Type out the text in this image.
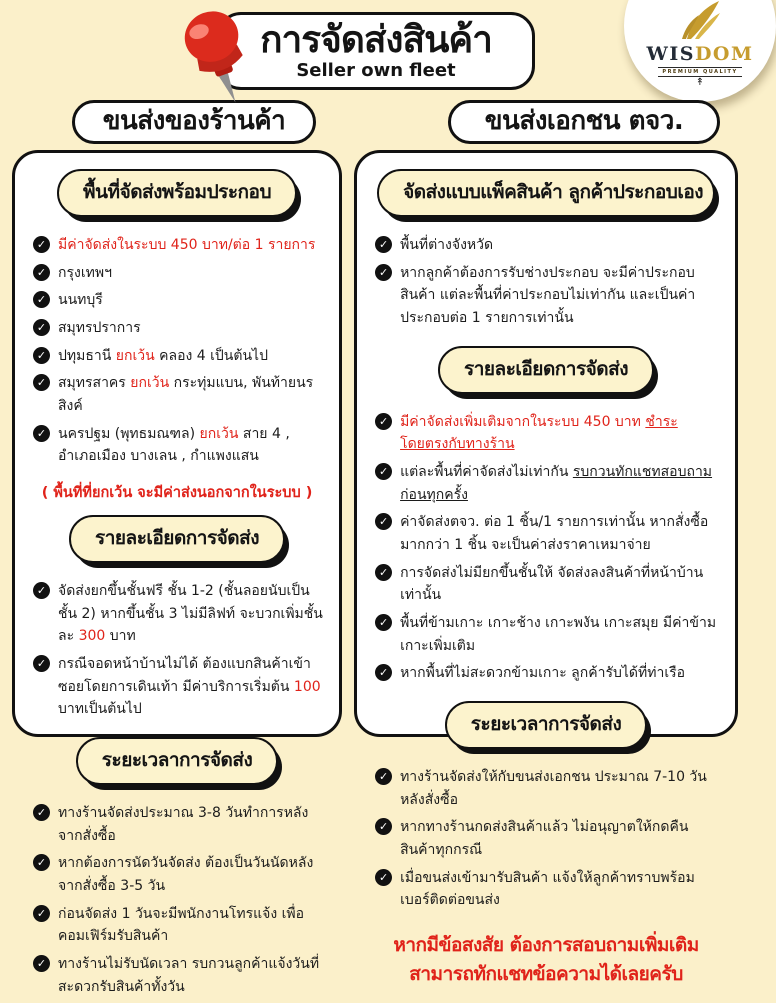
การจัดส่งสินค้า
Seller own fleet
WISDOM
PREMIUM QUALITY
↟
ขนส่งของร้านค้า	ขนส่งเอกชน ตจว.
พื้นที่จัดส่งพร้อมประกอบ
✓ มีค่าจัดส่งในระบบ 450 บาท/ต่อ 1 รายการ
✓ กรุงเทพฯ
✓ นนทบุรี
✓ สมุทรปราการ
✓ ปทุมธานี ยกเว้น คลอง 4 เป็นต้นไป
✓ สมุทรสาคร ยกเว้น กระทุ่มแบน, พันท้ายนรสิงค์
✓ นครปฐม (พุทธมณฑล) ยกเว้น สาย 4 , อำเภอเมือง บางเลน , กำแพงแสน

( พื้นที่ที่ยกเว้น จะมีค่าส่งนอกจากในระบบ )

รายละเอียดการจัดส่ง
✓ จัดส่งยกขึ้นชั้นฟรี ชั้น 1-2 (ชั้นลอยนับเป็นชั้น 2) หากขึ้นชั้น 3 ไม่มีลิฟท์ จะบวกเพิ่มชั้นละ 300 บาท
✓ กรณีจอดหน้าบ้านไม่ได้ ต้องแบกสินค้าเข้าซอยโดยการเดินเท้า มีค่าบริการเริ่มต้น 100 บาทเป็นต้นไป
ระยะเวลาการจัดส่ง
✓ ทางร้านจัดส่งประมาณ 3-8 วันทำการหลังจากสั่งซื้อ
✓ หากต้องการนัดวันจัดส่ง ต้องเป็นวันนัดหลังจากสั่งซื้อ 3-5 วัน
✓ ก่อนจัดส่ง 1 วันจะมีพนักงานโทรแจ้ง เพื่อคอมเฟิร์มรับสินค้า
✓ ทางร้านไม่รับนัดเวลา รบกวนลูกค้าแจ้งวันที่สะดวกรับสินค้าทั้งวัน
จัดส่งแบบแพ็คสินค้า ลูกค้าประกอบเอง
✓ พื้นที่ต่างจังหวัด
✓ หากลูกค้าต้องการรับช่างประกอบ จะมีค่าประกอบสินค้า แต่ละพื้นที่ค่าประกอบไม่เท่ากัน และเป็นค่าประกอบต่อ 1 รายการเท่านั้น
รายละเอียดการจัดส่ง
✓ มีค่าจัดส่งเพิ่มเติมจากในระบบ 450 บาท ชำระโดยตรงกับทางร้าน
✓ แต่ละพื้นที่ค่าจัดส่งไม่เท่ากัน รบกวนทักแชทสอบถามก่อนทุกครั้ง
✓ ค่าจัดส่งตจว. ต่อ 1 ชิ้น/1 รายการเท่านั้น หากสั่งซื้อมากกว่า 1 ชิ้น จะเป็นค่าส่งราคาเหมาจ่าย
✓ การจัดส่งไม่มียกขึ้นชั้นให้ จัดส่งลงสินค้าที่หน้าบ้านเท่านั้น
✓ พื้นที่ข้ามเกาะ เกาะช้าง เกาะพงัน เกาะสมุย มีค่าข้ามเกาะเพิ่มเติม
✓ หากพื้นที่ไม่สะดวกข้ามเกาะ ลูกค้ารับได้ที่ท่าเรือ
ระยะเวลาการจัดส่ง
✓ ทางร้านจัดส่งให้กับขนส่งเอกชน ประมาณ 7-10 วันหลังสั่งซื้อ
✓ หากทางร้านกดส่งสินค้าแล้ว ไม่อนุญาตให้กดคืนสินค้าทุกกรณี
✓ เมื่อขนส่งเข้ามารับสินค้า แจ้งให้ลูกค้าทราบพร้อมเบอร์ติดต่อขนส่ง
หากมีข้อสงสัย ต้องการสอบถามเพิ่มเติม
สามารถทักแชทข้อความได้เลยครับ
